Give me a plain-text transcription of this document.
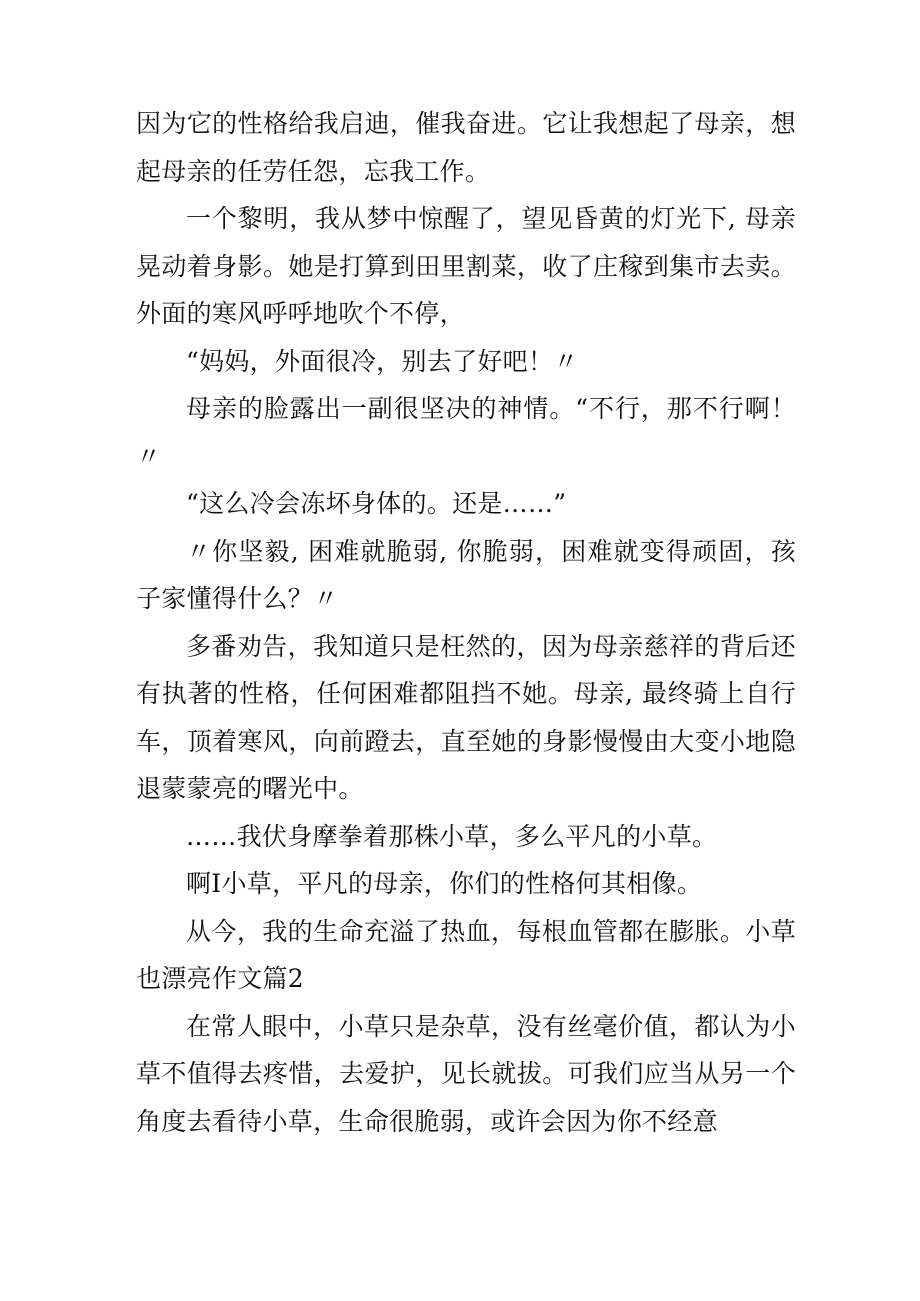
因为它的性格给我启迪，催我奋进。它让我想起了母亲，想起母亲的任劳任怨，忘我工作。

一个黎明，我从梦中惊醒了，望见昏黄的灯光下, 母亲晃动着身影。她是打算到田里割菜，收了庄稼到集市去卖。外面的寒风呼呼地吹个不停，

“妈妈，外面很冷，别去了好吧！〃

母亲的脸露出一副很坚决的神情。“不行，那不行啊！〃

“这么冷会冻坏身体的。还是……”

〃你坚毅, 困难就脆弱, 你脆弱，困难就变得顽固，孩子家懂得什么？〃

多番劝告，我知道只是枉然的，因为母亲慈祥的背后还有执著的性格，任何困难都阻挡不她。母亲, 最终骑上自行车，顶着寒风，向前蹬去，直至她的身影慢慢由大变小地隐退蒙蒙亮的曙光中。

……我伏身摩拳着那株小草，多么平凡的小草。

啊I小草，平凡的母亲，你们的性格何其相像。

从今，我的生命充溢了热血，每根血管都在膨胀。小草也漂亮作文篇2

在常人眼中，小草只是杂草，没有丝毫价值，都认为小草不值得去疼惜，去爱护，见长就拔。可我们应当从另一个角度去看待小草，生命很脆弱，或许会因为你不经意
